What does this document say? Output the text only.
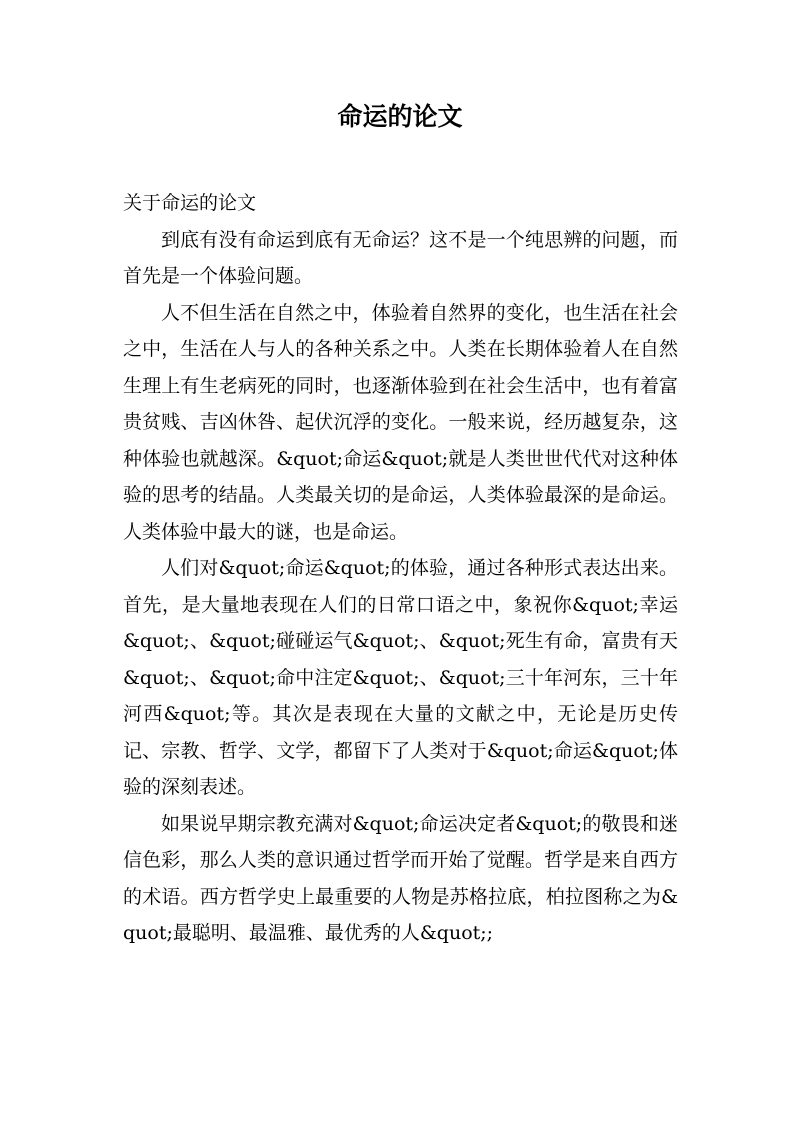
命运的论文

关于命运的论文

到底有没有命运到底有无命运？这不是一个纯思辨的问题，而首先是一个体验问题。

人不但生活在自然之中，体验着自然界的变化，也生活在社会之中，生活在人与人的各种关系之中。人类在长期体验着人在自然生理上有生老病死的同时，也逐渐体验到在社会生活中，也有着富贵贫贱、吉凶休咎、起伏沉浮的变化。一般来说，经历越复杂，这种体验也就越深。&quot;命运&quot;就是人类世世代代对这种体验的思考的结晶。人类最关切的是命运，人类体验最深的是命运。人类体验中最大的谜，也是命运。

人们对&quot;命运&quot;的体验，通过各种形式表达出来。首先，是大量地表现在人们的日常口语之中，象祝你&quot;幸运&quot;、&quot;碰碰运气&quot;、&quot;死生有命，富贵有天&quot;、&quot;命中注定&quot;、&quot;三十年河东，三十年河西&quot;等。其次是表现在大量的文献之中，无论是历史传记、宗教、哲学、文学，都留下了人类对于&quot;命运&quot;体验的深刻表述。

如果说早期宗教充满对&quot;命运决定者&quot;的敬畏和迷信色彩，那么人类的意识通过哲学而开始了觉醒。哲学是来自西方的术语。西方哲学史上最重要的人物是苏格拉底，柏拉图称之为&quot;最聪明、最温雅、最优秀的人&quot;;
